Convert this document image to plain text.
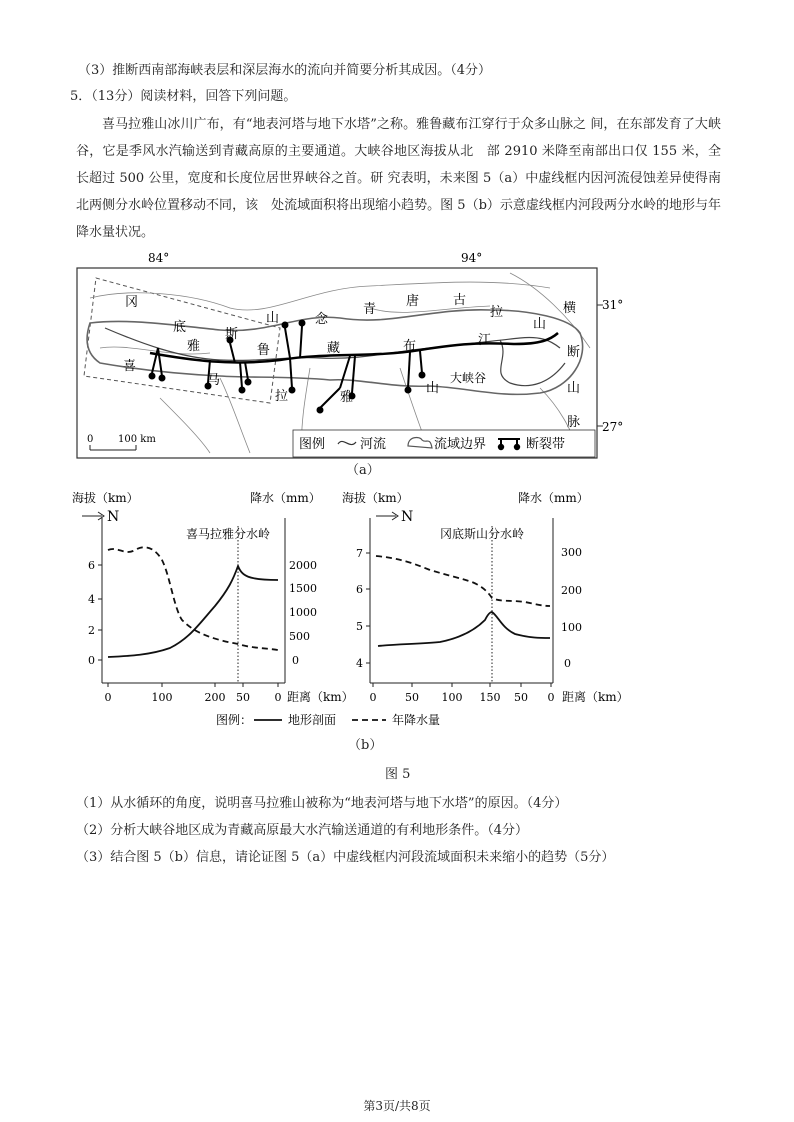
（3）推断西南部海峡表层和深层海水的流向并简要分析其成因。（4分）
5．（13分）阅读材料，回答下列问题。
喜马拉雅山冰川广布，有“地表河塔与地下水塔”之称。雅鲁藏布江穿行于众多山脉之 间，在东部发育了大峡谷，它是季风水汽输送到青藏高原的主要通道。大峡谷地区海拔从北　部 2910 米降至南部出口仅 155 米，全长超过 500 公里，宽度和长度位居世界峡谷之首。研 究表明，未来图 5（a）中虚线框内因河流侵蚀差异使得南北两侧分水岭位置移动不同，该　处流域面积将出现缩小趋势。图 5（b）示意虚线框内河段两分水岭的地形与年降水量状况。
84°	94°
冈
底	斯
山	念
青
唐	古
拉
山
横
断
山
脉
雅	鲁	藏	布	江
喜
马
拉	雅
山
大峡谷
31°
27°
0 100 km	图例	河流	流域边界	断裂带
（a）
海拔（km）	降水（mm）
N
喜马拉雅分水岭
6
4
2
0
2000
1500
1000
500
0
0	100	200 50 0
海拔（km）	降水（mm）
N
冈底斯山分水岭
7
6
5
4
300
200
100
0
0	50 100 150 50 0
距离（km）	距离（km）
图例：	地形剖面	年降水量
（b）
图 5
（1）从水循环的角度，说明喜马拉雅山被称为“地表河塔与地下水塔”的原因。（4分）
（2）分析大峡谷地区成为青藏高原最大水汽输送通道的有利地形条件。（4分）
（3）结合图 5（b）信息，请论证图 5（a）中虚线框内河段流域面积未来缩小的趋势（5分）
第3页/共8页
